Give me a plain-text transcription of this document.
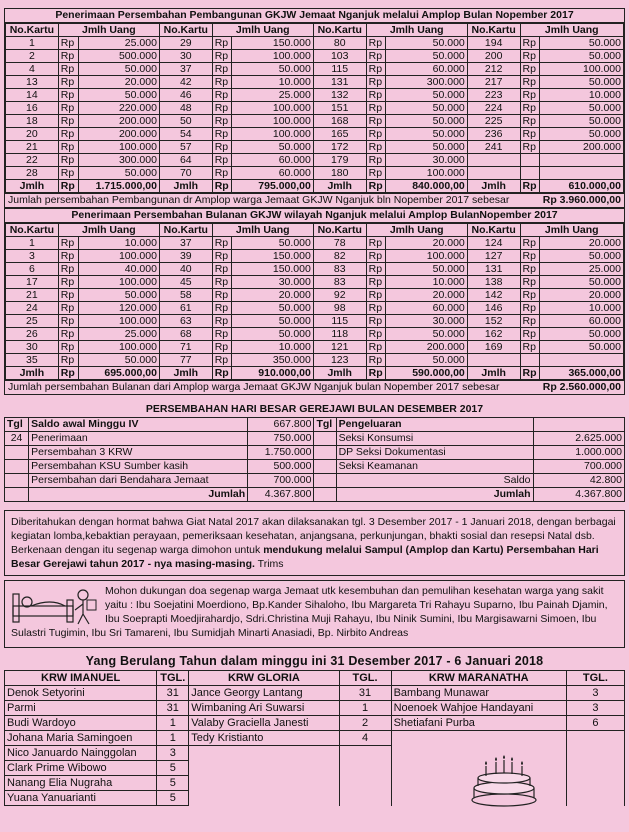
Penerimaan Persembahan Pembangunan GKJW Jemaat Nganjuk melalui Amplop Bulan Nopember 2017
No.Kartu	Jmlh Uang		No.Kartu	Jmlh Uang		No.Kartu	Jmlh Uang		No.Kartu	Jmlh Uang	
1	Rp	25.000	29	Rp	150.000	80	Rp	50.000	194	Rp	50.000
2	Rp	500.000	30	Rp	100.000	103	Rp	50.000	200	Rp	50.000
4	Rp	50.000	37	Rp	50.000	115	Rp	60.000	212	Rp	100.000
13	Rp	20.000	42	Rp	10.000	131	Rp	300.000	217	Rp	50.000
14	Rp	50.000	46	Rp	25.000	132	Rp	50.000	223	Rp	10.000
16	Rp	220.000	48	Rp	100.000	151	Rp	50.000	224	Rp	50.000
18	Rp	200.000	50	Rp	100.000	168	Rp	50.000	225	Rp	50.000
20	Rp	200.000	54	Rp	100.000	165	Rp	50.000	236	Rp	50.000
21	Rp	100.000	57	Rp	50.000	172	Rp	50.000	241	Rp	200.000
22	Rp	300.000	64	Rp	60.000	179	Rp	30.000			
28	Rp	50.000	70	Rp	60.000	180	Rp	100.000			
Jmlh	Rp	1.715.000,00	Jmlh	Rp	795.000,00	Jmlh	Rp	840.000,00	Jmlh	Rp	610.000,00
Jumlah persembahan Pembangunan dr Amplop warga Jemaat GKJW Nganjuk bln Nopember 2017 sebesar	Rp 3.960.000,00
Penerimaan Persembahan Bulanan GKJW wilayah Nganjuk melalui Amplop BulanNopember 2017
No.Kartu	Jmlh Uang		No.Kartu	Jmlh Uang		No.Kartu	Jmlh Uang		No.Kartu	Jmlh Uang	
1	Rp	10.000	37	Rp	50.000	78	Rp	20.000	124	Rp	20.000
3	Rp	100.000	39	Rp	150.000	82	Rp	100.000	127	Rp	50.000
6	Rp	40.000	40	Rp	150.000	83	Rp	50.000	131	Rp	25.000
17	Rp	100.000	45	Rp	30.000	83	Rp	10.000	138	Rp	50.000
21	Rp	50.000	58	Rp	20.000	92	Rp	20.000	142	Rp	20.000
24	Rp	120.000	61	Rp	50.000	98	Rp	60.000	146	Rp	10.000
25	Rp	100.000	63	Rp	50.000	115	Rp	30.000	152	Rp	60.000
26	Rp	25.000	68	Rp	50.000	118	Rp	50.000	162	Rp	50.000
30	Rp	100.000	71	Rp	10.000	121	Rp	200.000	169	Rp	50.000
35	Rp	50.000	77	Rp	350.000	123	Rp	50.000			
Jmlh	Rp	695.000,00	Jmlh	Rp	910.000,00	Jmlh	Rp	590.000,00	Jmlh	Rp	365.000,00
Jumlah persembahan Bulanan dari Amplop warga Jemaat GKJW Nganjuk bulan Nopember 2017 sebesar	Rp 2.560.000,00
PERSEMBAHAN HARI BESAR GEREJAWI BULAN DESEMBER 2017
Tgl	Saldo awal Minggu IV	667.800	Tgl	Pengeluaran	
24	Penerimaan	750.000		Seksi Konsumsi	2.625.000
	Persembahan 3 KRW	1.750.000		DP Seksi Dokumentasi	1.000.000
	Persembahan KSU Sumber kasih	500.000		Seksi Keamanan	700.000
	Persembahan dari Bendahara Jemaat	700.000		Saldo	42.800
	Jumlah	4.367.800		Jumlah	4.367.800

Diberitahukan dengan hormat bahwa Giat Natal 2017 akan dilaksanakan tgl. 3 Desember 2017 - 1 Januari 2018, dengan berbagai kegiatan lomba,kebaktian perayaan, pemeriksaan kesehatan, anjangsana, perkunjungan, bhakti sosial dan resepsi Natal dsb. Berkenaan dengan itu segenap warga dimohon untuk mendukung melalui Sampul (Amplop dan Kartu) Persembahan Hari Besar Gerejawi tahun 2017 - nya masing-masing. Trims

Mohon dukungan doa segenap warga Jemaat utk kesembuhan dan pemulihan kesehatan warga yang sakit yaitu : Ibu Soejatini Moerdiono, Bp.Kander Sihaloho, Ibu Margareta Tri Rahayu Suparno, Ibu Painah Djamin, Ibu Soeprapti Moedjirahardjo, Sdri.Christina Muji Rahayu, Ibu Ninik Sumini, Ibu Margisawarni Simoen, Ibu Sulastri Tugimin, Ibu Sri Tamareni, Ibu Sumidjah Minarti Anasiadi, Bp. Nirbito Andreas
Yang Berulang Tahun dalam minggu ini 31 Desember 2017 - 6 Januari 2018
KRW IMANUEL	TGL.	KRW GLORIA	TGL.	KRW MARANATHA	TGL.
Denok Setyorini	31	Jance Georgy Lantang	31	Bambang Munawar	3
Parmi	31	Wimbaning Ari Suwarsi	1	Noenoek Wahjoe Handayani	3
Budi Wardoyo	1	Valaby Graciella Janesti	2	Shetiafani Purba	6
Johana Maria Samingoen	1	Tedy Kristianto	4		
Nico Januardo Nainggolan	3				
Clark Prime Wibowo	5				
Nanang Elia Nugraha	5				
Yuana Yanuarianti	5				
